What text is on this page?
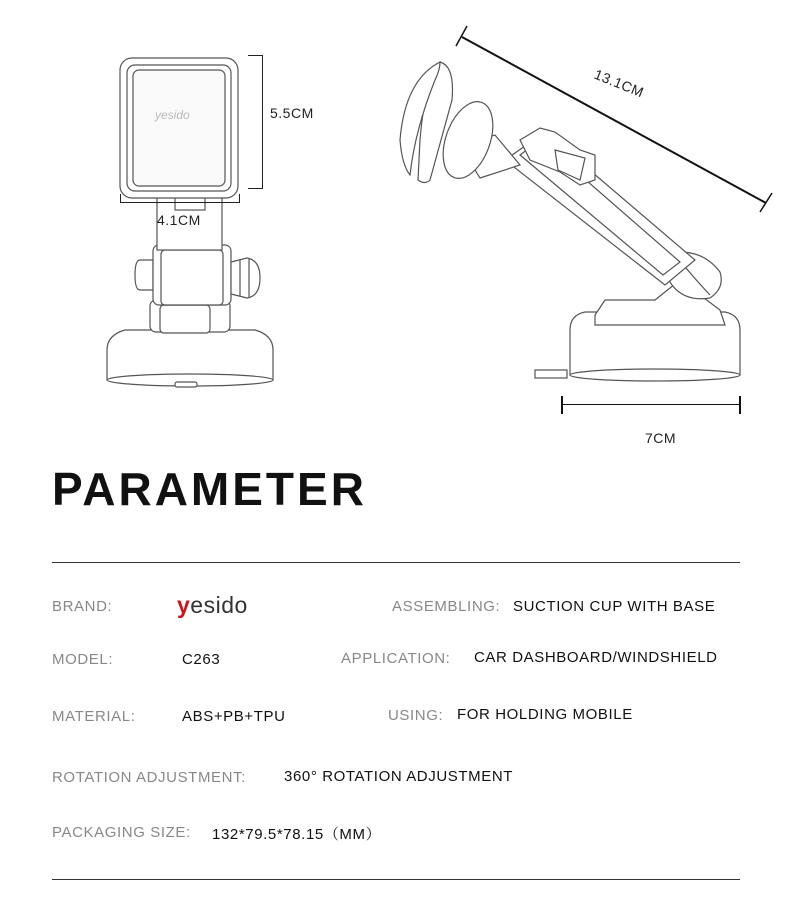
yesido	5.5CM
4.1CM
13.1CM
7CM
PARAMETER
BRAND:	yesido	ASSEMBLING: SUCTION CUP WITH BASE
MODEL:	C263	APPLICATION: CAR DASHBOARD/WINDSHIELD
MATERIAL:	ABS+PB+TPU	USING: FOR HOLDING MOBILE
ROTATION ADJUSTMENT:	360° ROTATION ADJUSTMENT
PACKAGING SIZE: 132*79.5*78.15（MM）
